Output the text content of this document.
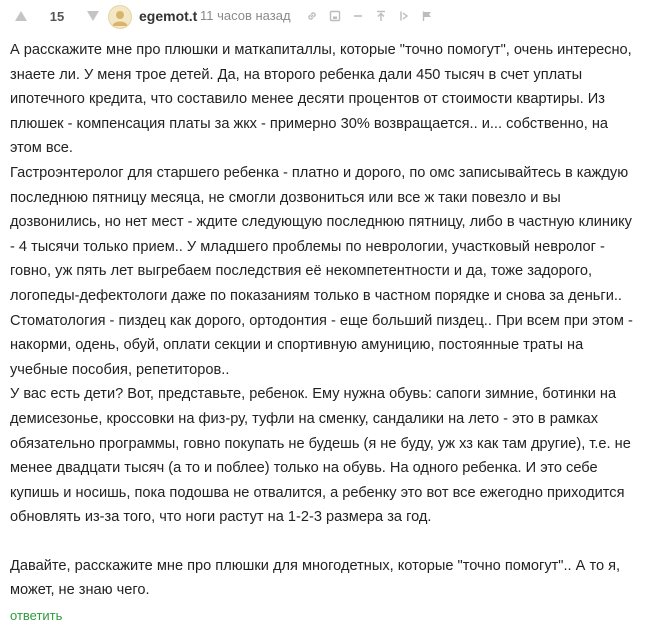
15	egemot.t 11 часов назад

А расскажите мне про плюшки и маткапиталлы, которые "точно помогут", очень интересно, знаете ли. У меня трое детей. Да, на второго ребенка дали 450 тысяч в счет уплаты ипотечного кредита, что составило менее десяти процентов от стоимости квартиры. Из плюшек - компенсация платы за жкх - примерно 30% возвращается.. и... собственно, на этом все.

Гастроэнтеролог для старшего ребенка - платно и дорого, по омс записывайтесь в каждую последнюю пятницу месяца, не смогли дозвониться или все ж таки повезло и вы дозвонились, но нет мест - ждите следующую последнюю пятницу, либо в частную клинику - 4 тысячи только прием.. У младшего проблемы по неврологии, участковый невролог - говно, уж пять лет выгребаем последствия её некомпетентности и да, тоже задорого, логопеды-дефектологи даже по показаниям только в частном порядке и снова за деньги.. Стоматология - пиздец как дорого, ортодонтия - еще больший пиздец.. При всем при этом - накорми, одень, обуй, оплати секции и спортивную амуницию, постоянные траты на учебные пособия, репетиторов..

У вас есть дети? Вот, представьте, ребенок. Ему нужна обувь: сапоги зимние, ботинки на демисезонье, кроссовки на физ-ру, туфли на сменку, сандалики на лето - это в рамках обязательно программы, говно покупать не будешь (я не буду, уж хз как там другие), т.е. не менее двадцати тысяч (а то и поблее) только на обувь. На одного ребенка. И это себе купишь и носишь, пока подошва не отвалится, а ребенку это вот все ежегодно приходится обновлять из-за того, что ноги растут на 1-2-3 размера за год.

Давайте, расскажите мне про плюшки для многодетных, которые "точно помогут".. А то я, может, не знаю чего.

ответить
